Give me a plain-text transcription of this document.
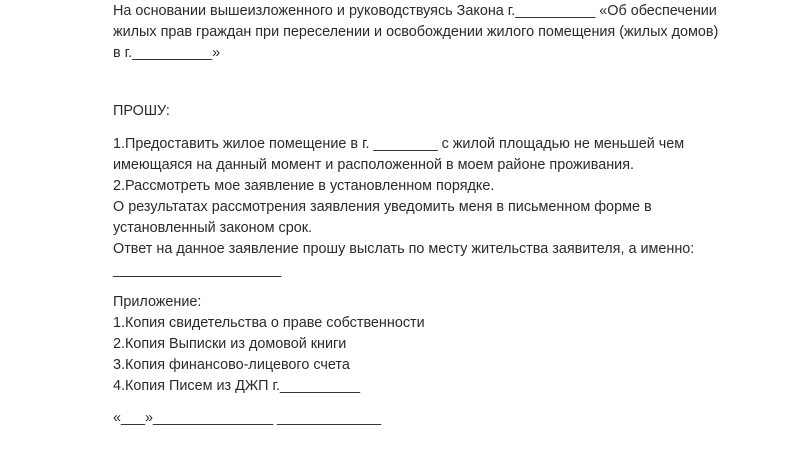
На основании вышеизложенного и руководствуясь Закона г.__________ «Об обеспечении
жилых прав граждан при переселении и освобождении жилого помещения (жилых домов)
в г.__________»
ПРОШУ:
1.Предоставить жилое помещение в г. ________ с жилой площадью не меньшей чем
имеющаяся на данный момент и расположенной в моем районе проживания.
2.Рассмотреть мое заявление в установленном порядке.
О результатах рассмотрения заявления уведомить меня в письменном форме в
установленный законом срок.
Ответ на данное заявление прошу выслать по месту жительства заявителя, а именно:
_____________________
Приложение:
1.Копия свидетельства о праве собственности
2.Копия Выписки из домовой книги
3.Копия финансово-лицевого счета
4.Копия Писем из ДЖП г.__________
«___»_______________ _____________
